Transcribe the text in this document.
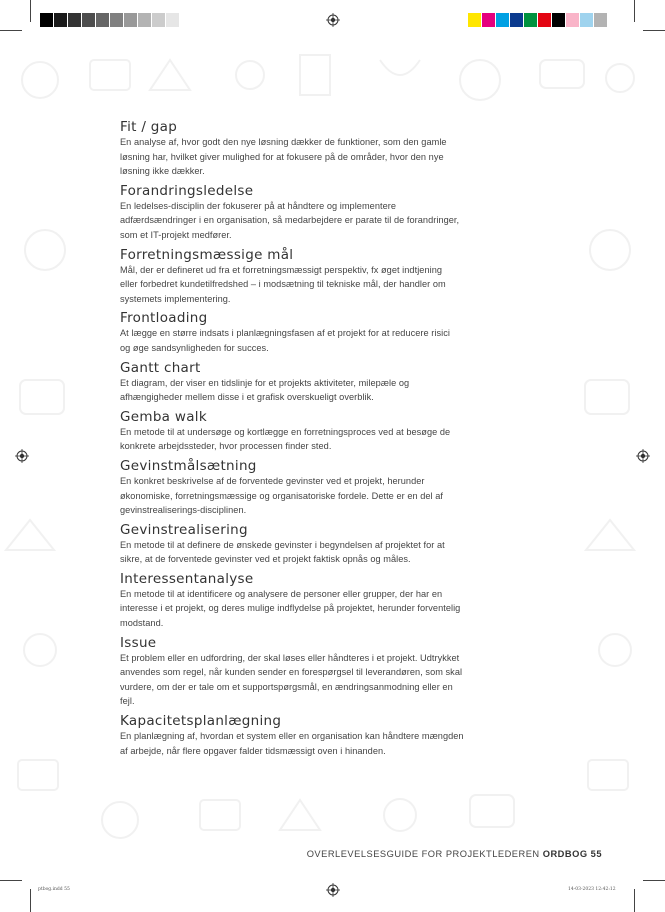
Fit / gap

En analyse af, hvor godt den nye løsning dækker de funktioner, som den gamle
løsning har, hvilket giver mulighed for at fokusere på de områder, hvor den nye
løsning ikke dækker.

Forandringsledelse

En ledelses-disciplin der fokuserer på at håndtere og implementere
adfærdsændringer i en organisation, så medarbejdere er parate til de forandringer,
som et IT-projekt medfører.

Forretningsmæssige mål

Mål, der er defineret ud fra et forretningsmæssigt perspektiv, fx øget indtjening
eller forbedret kundetilfredshed – i modsætning til tekniske mål, der handler om
systemets implementering.

Frontloading

At lægge en større indsats i planlægningsfasen af et projekt for at reducere risici
og øge sandsynligheden for succes.

Gantt chart

Et diagram, der viser en tidslinje for et projekts aktiviteter, milepæle og
afhængigheder mellem disse i et grafisk overskueligt overblik.

Gemba walk

En metode til at undersøge og kortlægge en forretningsproces ved at besøge de
konkrete arbejdssteder, hvor processen finder sted.

Gevinstmålsætning

En konkret beskrivelse af de forventede gevinster ved et projekt, herunder
økonomiske, forretningsmæssige og organisatoriske fordele. Dette er en del af
gevinstrealiserings-disciplinen.

Gevinstrealisering

En metode til at definere de ønskede gevinster i begyndelsen af projektet for at
sikre, at de forventede gevinster ved et projekt faktisk opnås og måles.

Interessentanalyse

En metode til at identificere og analysere de personer eller grupper, der har en
interesse i et projekt, og deres mulige indflydelse på projektet, herunder forventelig
modstand.

Issue

Et problem eller en udfordring, der skal løses eller håndteres i et projekt. Udtrykket
anvendes som regel, når kunden sender en forespørgsel til leverandøren, som skal
vurdere, om der er tale om et supportspørgsmål, en ændringsanmodning eller en
fejl.

Kapacitetsplanlægning

En planlægning af, hvordan et system eller en organisation kan håndtere mængden
af arbejde, når flere opgaver falder tidsmæssigt oven i hinanden.

OVERLEVELSESGUIDE FOR PROJEKTLEDEREN ORDBOG 55
ptbog.indd 55	14-03-2023 12:42:12
